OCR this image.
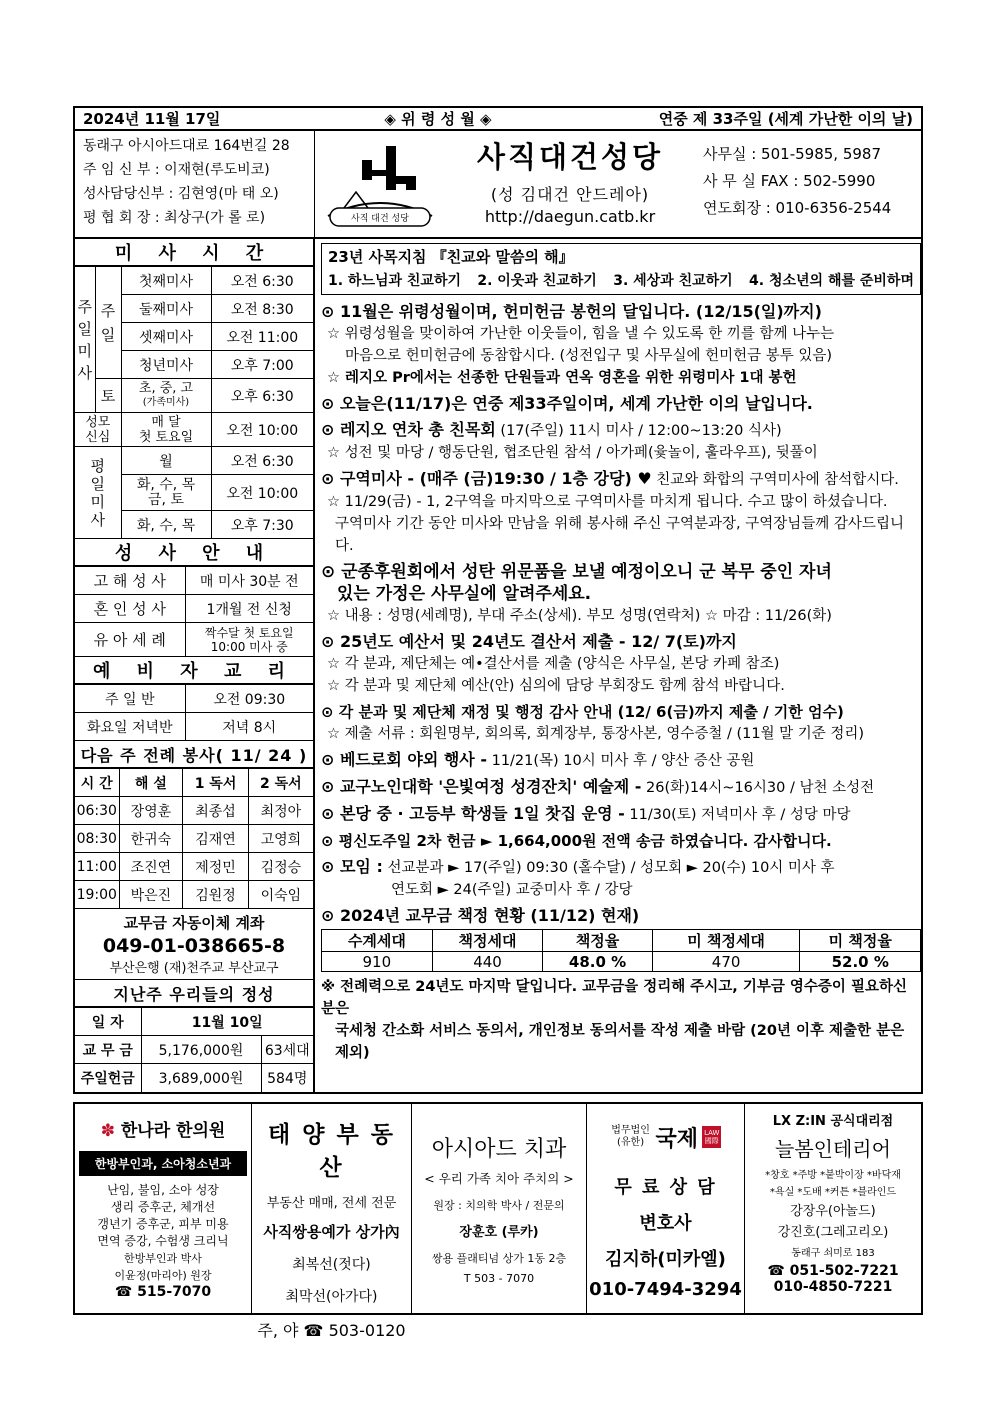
2024년 11월 17일	◈ 위 령 성 월 ◈	연중 제 33주일 (세계 가난한 이의 날)
동래구 아시아드대로 164번길 28
주 임 신 부 : 이재현(루도비코)
성사담당신부 : 김현영(마 태 오)
평 협 회 장 : 최상구(가 롤 로)	사직 대건 성당
사직대건성당
(성 김대건 안드레아)
http://daegun.catb.kr
사무실 : 501-5985, 5987
사 무 실 FAX : 502-5990
연도회장 : 010-6356-2544
미 사 시 간
주
일
미
사	주
일	첫째미사	오전 6:30
		둘째미사	오전 8:30
		셋째미사	오전 11:00
		청년미사	오후 7:00
	토	초, 중, 고
(가족미사)	오후 6:30
성모
신심		매 달
첫 토요일	오전 10:00
평
일
미
사		월	오전 6:30
		화, 수, 목
금, 토	오전 10:00
		화, 수, 목	오후 7:30
성 사 안 내
고 해 성 사	매 미사 30분 전
혼 인 성 사	1개월 전 신청
유 아 세 례	짝수달 첫 토요일
10:00 미사 중
예 비 자 교 리
주 일 반	오전 09:30
화요일 저녁반	저녁 8시
다음 주 전례 봉사( 11/ 24 )
시 간	해 설	1 독서	2 독서
06:30	장영훈	최종섭	최정아
08:30	한귀숙	김재연	고영희
11:00	조진연	제정민	김정승
19:00	박은진	김원정	이숙임
교무금 자동이체 계좌
049-01-038665-8
부산은행 (재)천주교 부산교구
지난주 우리들의 정성
일 자	11월 10일	
교 무 금	5,176,000원	63세대
주일헌금	3,689,000원	584명
23년 사목지침 『친교와 말씀의 해』
1. 하느님과 친교하기 2. 이웃과 친교하기 3. 세상과 친교하기 4. 청소년의 해를 준비하며
⊙ 11월은 위령성월이며, 헌미헌금 봉헌의 달입니다. (12/15(일)까지)
☆ 위령성월을 맞이하여 가난한 이웃들이, 힘을 낼 수 있도록 한 끼를 함께 나누는
마음으로 헌미헌금에 동참합시다. (성전입구 및 사무실에 헌미헌금 봉투 있음)
☆ 레지오 Pr에서는 선종한 단원들과 연옥 영혼을 위한 위령미사 1대 봉헌
⊙ 오늘은(11/17)은 연중 제33주일이며, 세계 가난한 이의 날입니다.
⊙ 레지오 연차 총 친목회 (17(주일) 11시 미사 / 12:00~13:20 식사)
☆ 성전 및 마당 / 행동단원, 협조단원 참석 / 아가페(윷놀이, 훌라우프), 뒷풀이
⊙ 구역미사 - (매주 (금)19:30 / 1층 강당) ♥ 친교와 화합의 구역미사에 참석합시다.
☆ 11/29(금) - 1, 2구역을 마지막으로 구역미사를 마치게 됩니다. 수고 많이 하셨습니다.
구역미사 기간 동안 미사와 만남을 위해 봉사해 주신 구역분과장, 구역장님들께 감사드립니다.
⊙ 군종후원회에서 성탄 위문품을 보낼 예정이오니 군 복무 중인 자녀
있는 가정은 사무실에 알려주세요.
☆ 내용 : 성명(세례명), 부대 주소(상세). 부모 성명(연락처) ☆ 마감 : 11/26(화)
⊙ 25년도 예산서 및 24년도 결산서 제출 - 12/ 7(토)까지
☆ 각 분과, 제단체는 예•결산서를 제출 (양식은 사무실, 본당 카페 참조)
☆ 각 분과 및 제단체 예산(안) 심의에 담당 부회장도 함께 참석 바랍니다.
⊙ 각 분과 및 제단체 재정 및 행정 감사 안내 (12/ 6(금)까지 제출 / 기한 엄수)
☆ 제출 서류 : 회원명부, 회의록, 회계장부, 통장사본, 영수증철 / (11월 말 기준 정리)
⊙ 베드로회 야외 행사 - 11/21(목) 10시 미사 후 / 양산 증산 공원
⊙ 교구노인대학 '은빛여정 성경잔치' 예술제 - 26(화)14시~16시30 / 남천 소성전
⊙ 본당 중 · 고등부 학생들 1일 찻집 운영 - 11/30(토) 저녁미사 후 / 성당 마당
⊙ 평신도주일 2차 헌금 ► 1,664,000원 전액 송금 하였습니다. 감사합니다.
⊙ 모임 : 선교분과 ► 17(주일) 09:30 (홀수달) / 성모회 ► 20(수) 10시 미사 후
연도회 ► 24(주일) 교중미사 후 / 강당
⊙ 2024년 교무금 책정 현황 (11/12) 현재)
수계세대	책정세대	책정율	미 책정세대	미 책정율
910	440	48.0 %	470	52.0 %
※ 전례력으로 24년도 마지막 달입니다. 교무금을 정리해 주시고, 기부금 영수증이 필요하신 분은
국세청 간소화 서비스 동의서, 개인정보 동의서를 작성 제출 바람 (20년 이후 제출한 분은 제외)
✽ 한나라 한의원
한방부인과, 소아청소년과
난임, 불임, 소아 성장
생리 증후군, 체개선
갱년기 증후군, 피부 미용
면역 증강, 수험생 크리닉
한방부인과 박사
이윤정(마리아) 원장
☎ 515-7070
태 양 부 동 산
부동산 매매, 전세 전문
사직쌍용예가 상가內
최복선(젓다)
최막선(아가다)
주, 야 ☎ 503-0120
아시아드 치과
< 우리 가족 치아 주치의 >
원장 : 치의학 박사 / 전문의
장훈호 (루카)
쌍용 플래티넘 상가 1동 2층
T 503 - 7070
법무법인(유한) 국제 LAW
國際
무 료 상 담
변호사
김지하(미카엘)
010-7494-3294
LX Z:IN 공식대리점
늘봄인테리어
*창호 *주방 *붙박이장 *바닥재
*욕실 *도배 *커튼 *블라인드
강장우(아놀드)
강진호(그레고리오)
동래구 쇠미로 183
☎ 051-502-7221
010-4850-7221
